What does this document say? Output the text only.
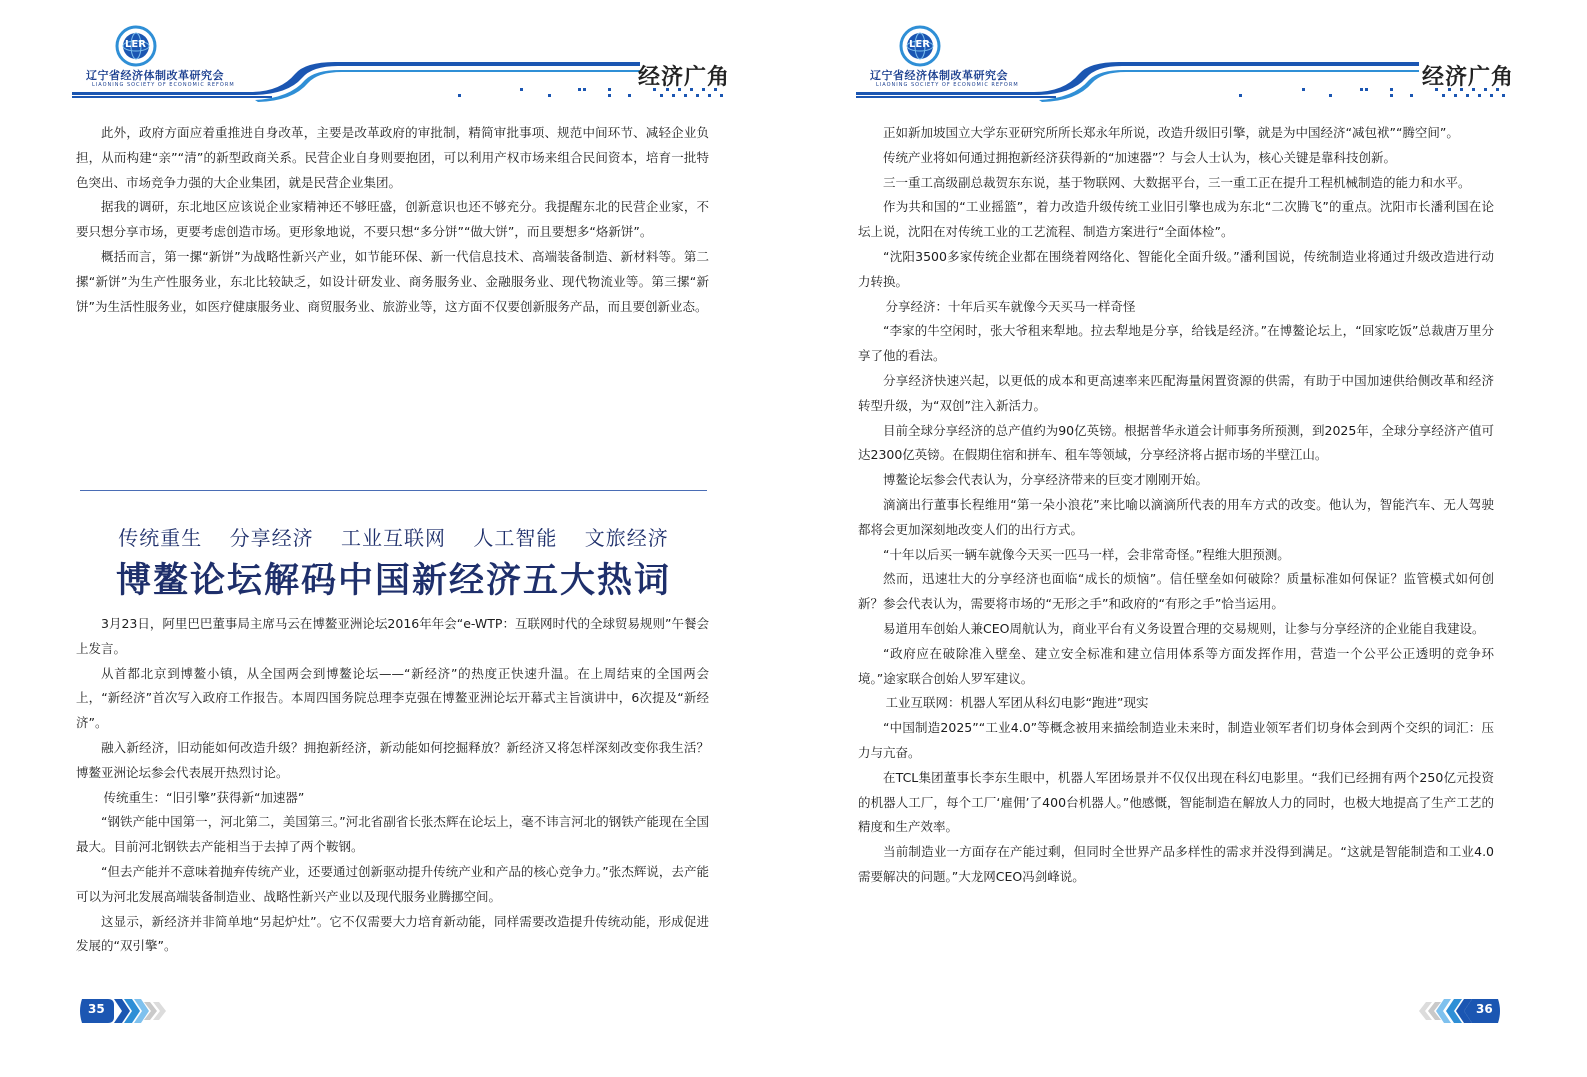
LER
辽宁省经济体制改革研究会
LIAONING SOCIETY OF ECONOMIC REFORM	经济广角

此外，政府方面应着重推进自身改革，主要是改革政府的审批制，精简审批事项、规范中间环节、减轻企业负担，从而构建“亲”“清”的新型政商关系。民营企业自身则要抱团，可以利用产权市场来组合民间资本，培育一批特色突出、市场竞争力强的大企业集团，就是民营企业集团。

据我的调研，东北地区应该说企业家精神还不够旺盛，创新意识也还不够充分。我提醒东北的民营企业家，不要只想分享市场，更要考虑创造市场。更形象地说，不要只想“多分饼”“做大饼”，而且要想多“烙新饼”。

概括而言，第一摞“新饼”为战略性新兴产业，如节能环保、新一代信息技术、高端装备制造、新材料等。第二摞“新饼”为生产性服务业，东北比较缺乏，如设计研发业、商务服务业、金融服务业、现代物流业等。第三摞“新饼”为生活性服务业，如医疗健康服务业、商贸服务业、旅游业等，这方面不仅要创新服务产品，而且要创新业态。

传统重生 分享经济 工业互联网 人工智能 文旅经济
博鳌论坛解码中国新经济五大热词

3月23日，阿里巴巴董事局主席马云在博鳌亚洲论坛2016年年会“e-WTP：互联网时代的全球贸易规则”午餐会上发言。

从首都北京到博鳌小镇，从全国两会到博鳌论坛——“新经济”的热度正快速升温。在上周结束的全国两会上，“新经济”首次写入政府工作报告。本周四国务院总理李克强在博鳌亚洲论坛开幕式主旨演讲中，6次提及“新经济”。

融入新经济，旧动能如何改造升级？拥抱新经济，新动能如何挖掘释放？新经济又将怎样深刻改变你我生活？博鳌亚洲论坛参会代表展开热烈讨论。

传统重生：“旧引擎”获得新“加速器”

“钢铁产能中国第一，河北第二，美国第三。”河北省副省长张杰辉在论坛上，毫不讳言河北的钢铁产能现在全国最大。目前河北钢铁去产能相当于去掉了两个鞍钢。

“但去产能并不意味着抛弃传统产业，还要通过创新驱动提升传统产业和产品的核心竞争力。”张杰辉说，去产能可以为河北发展高端装备制造业、战略性新兴产业以及现代服务业腾挪空间。

这显示，新经济并非简单地“另起炉灶”。它不仅需要大力培育新动能，同样需要改造提升传统动能，形成促进发展的“双引擎”。

35
LER
辽宁省经济体制改革研究会
LIAONING SOCIETY OF ECONOMIC REFORM	经济广角

正如新加坡国立大学东亚研究所所长郑永年所说，改造升级旧引擎，就是为中国经济“减包袱”“腾空间”。

传统产业将如何通过拥抱新经济获得新的“加速器”？与会人士认为，核心关键是靠科技创新。

三一重工高级副总裁贺东东说，基于物联网、大数据平台，三一重工正在提升工程机械制造的能力和水平。

作为共和国的“工业摇篮”，着力改造升级传统工业旧引擎也成为东北“二次腾飞”的重点。沈阳市长潘利国在论坛上说，沈阳在对传统工业的工艺流程、制造方案进行“全面体检”。

“沈阳3500多家传统企业都在围绕着网络化、智能化全面升级。”潘利国说，传统制造业将通过升级改造进行动力转换。

分享经济：十年后买车就像今天买马一样奇怪

“李家的牛空闲时，张大爷租来犁地。拉去犁地是分享，给钱是经济。”在博鳌论坛上，“回家吃饭”总裁唐万里分享了他的看法。

分享经济快速兴起，以更低的成本和更高速率来匹配海量闲置资源的供需，有助于中国加速供给侧改革和经济转型升级，为“双创”注入新活力。

目前全球分享经济的总产值约为90亿英镑。根据普华永道会计师事务所预测，到2025年，全球分享经济产值可达2300亿英镑。在假期住宿和拼车、租车等领域，分享经济将占据市场的半壁江山。

博鳌论坛参会代表认为，分享经济带来的巨变才刚刚开始。

滴滴出行董事长程维用“第一朵小浪花”来比喻以滴滴所代表的用车方式的改变。他认为，智能汽车、无人驾驶都将会更加深刻地改变人们的出行方式。

“十年以后买一辆车就像今天买一匹马一样，会非常奇怪。”程维大胆预测。

然而，迅速壮大的分享经济也面临“成长的烦恼”。信任壁垒如何破除？质量标准如何保证？监管模式如何创新？参会代表认为，需要将市场的“无形之手”和政府的“有形之手”恰当运用。

易道用车创始人兼CEO周航认为，商业平台有义务设置合理的交易规则，让参与分享经济的企业能自我建设。

“政府应在破除准入壁垒、建立安全标准和建立信用体系等方面发挥作用，营造一个公平公正透明的竞争环境。”途家联合创始人罗军建议。

工业互联网：机器人军团从科幻电影“跑进”现实

“中国制造2025”“工业4.0”等概念被用来描绘制造业未来时，制造业领军者们切身体会到两个交织的词汇：压力与亢奋。

在TCL集团董事长李东生眼中，机器人军团场景并不仅仅出现在科幻电影里。“我们已经拥有两个250亿元投资的机器人工厂，每个工厂‘雇佣’了400台机器人。”他感慨，智能制造在解放人力的同时，也极大地提高了生产工艺的精度和生产效率。

当前制造业一方面存在产能过剩，但同时全世界产品多样性的需求并没得到满足。“这就是智能制造和工业4.0需要解决的问题。”大龙网CEO冯剑峰说。

36
